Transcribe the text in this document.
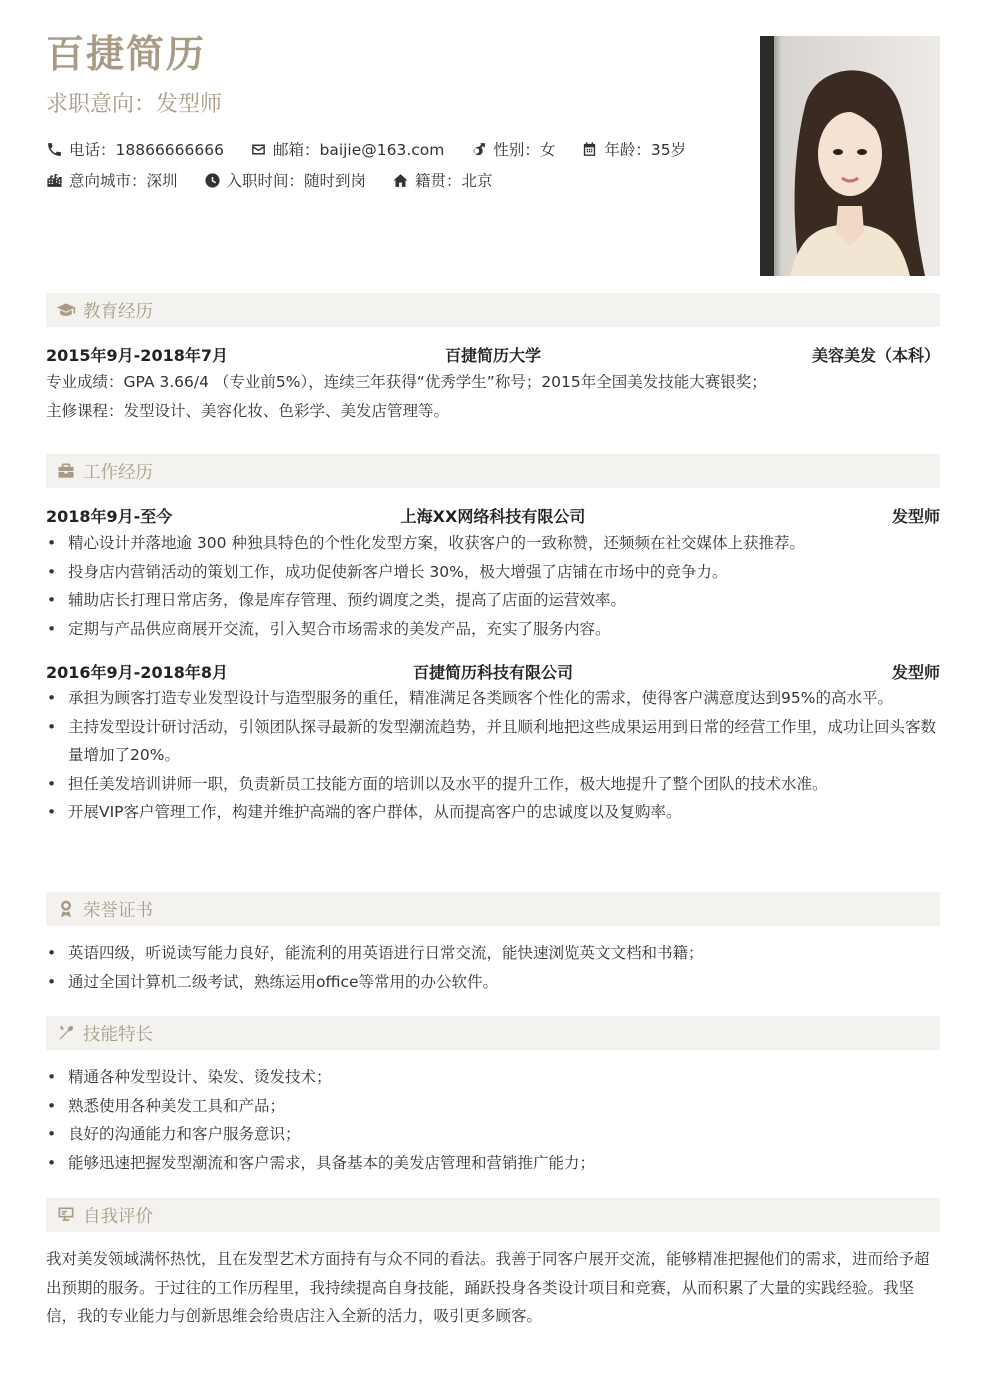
百捷简历
求职意向：发型师
电话：18866666666	邮箱：baijie@163.com	性别：女	年龄：35岁
意向城市：深圳	入职时间：随时到岗	籍贯：北京
教育经历
2015年9月-2018年7月	百捷简历大学	美容美发（本科）
专业成绩：GPA 3.66/4 （专业前5%），连续三年获得“优秀学生”称号；2015年全国美发技能大赛银奖；
主修课程：发型设计、美容化妆、色彩学、美发店管理等。
工作经历
2018年9月-至今	上海XX网络科技有限公司	发型师
• 精心设计并落地逾 300 种独具特色的个性化发型方案，收获客户的一致称赞，还频频在社交媒体上获推荐。
• 投身店内营销活动的策划工作，成功促使新客户增长 30%，极大增强了店铺在市场中的竞争力。
• 辅助店长打理日常店务，像是库存管理、预约调度之类，提高了店面的运营效率。
• 定期与产品供应商展开交流，引入契合市场需求的美发产品，充实了服务内容。
2016年9月-2018年8月	百捷简历科技有限公司	发型师
• 承担为顾客打造专业发型设计与造型服务的重任，精准满足各类顾客个性化的需求，使得客户满意度达到95%的高水平。
• 主持发型设计研讨活动，引领团队探寻最新的发型潮流趋势，并且顺利地把这些成果运用到日常的经营工作里，成功让回头客数量增加了20%。
• 担任美发培训讲师一职，负责新员工技能方面的培训以及水平的提升工作，极大地提升了整个团队的技术水准。
• 开展VIP客户管理工作，构建并维护高端的客户群体，从而提高客户的忠诚度以及复购率。
荣誉证书
• 英语四级，听说读写能力良好，能流利的用英语进行日常交流，能快速浏览英文文档和书籍；
• 通过全国计算机二级考试，熟练运用office等常用的办公软件。
技能特长
• 精通各种发型设计、染发、烫发技术；
• 熟悉使用各种美发工具和产品；
• 良好的沟通能力和客户服务意识；
• 能够迅速把握发型潮流和客户需求，具备基本的美发店管理和营销推广能力；
自我评价
我对美发领域满怀热忱，且在发型艺术方面持有与众不同的看法。我善于同客户展开交流，能够精准把握他们的需求，进而给予超出预期的服务。于过往的工作历程里，我持续提高自身技能，踊跃投身各类设计项目和竞赛，从而积累了大量的实践经验。我坚信，我的专业能力与创新思维会给贵店注入全新的活力，吸引更多顾客。
